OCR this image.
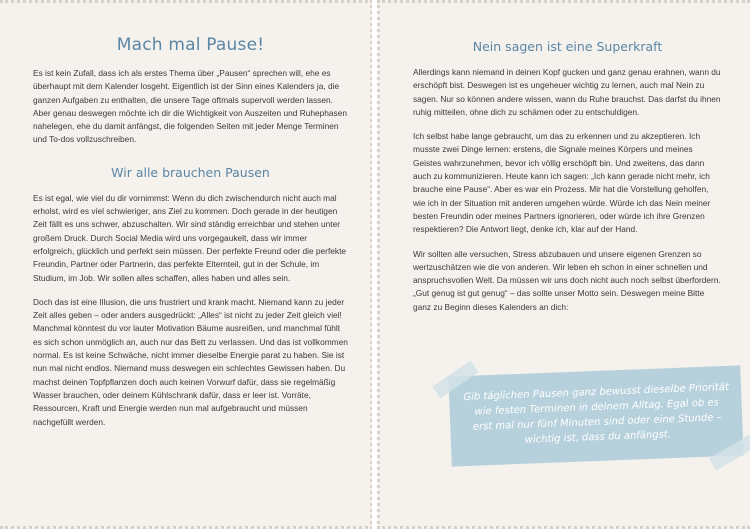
Mach mal Pause!

Es ist kein Zufall, dass ich als erstes Thema über „Pausen“ sprechen will, ehe es überhaupt mit dem Kalender losgeht. Eigentlich ist der Sinn eines Kalenders ja, die ganzen Aufgaben zu enthalten, die unsere Tage oftmals supervoll werden lassen. Aber genau deswegen möchte ich dir die Wichtigkeit von Auszeiten und Ruhephasen nahelegen, ehe du damit anfängst, die folgenden Seiten mit jeder Menge Terminen und To-dos vollzuschreiben.

Wir alle brauchen Pausen

Es ist egal, wie viel du dir vornimmst: Wenn du dich zwischendurch nicht auch mal erholst, wird es viel schwieriger, ans Ziel zu kommen. Doch gerade in der heutigen Zeit fällt es uns schwer, abzuschalten. Wir sind ständig erreichbar und stehen unter großem Druck. Durch Social Media wird uns vorgegaukelt, dass wir immer erfolgreich, glücklich und perfekt sein müssen. Der perfekte Freund oder die perfekte Freundin, Partner oder Partnerin, das perfekte Elternteil, gut in der Schule, im Studium, im Job. Wir sollen alles schaffen, alles haben und alles sein.

Doch das ist eine Illusion, die uns frustriert und krank macht. Niemand kann zu jeder Zeit alles geben – oder anders ausgedrückt: „Alles“ ist nicht zu jeder Zeit gleich viel! Manchmal könntest du vor lauter Motivation Bäume ausreißen, und manchmal fühlt es sich schon unmöglich an, auch nur das Bett zu verlassen. Und das ist vollkommen normal. Es ist keine Schwäche, nicht immer dieselbe Energie parat zu haben. Sie ist nun mal nicht endlos. Niemand muss deswegen ein schlechtes Gewissen haben. Du machst deinen Topfpflanzen doch auch keinen Vorwurf dafür, dass sie regelmäßig Wasser brauchen, oder deinem Kühlschrank dafür, dass er leer ist. Vorräte, Ressourcen, Kraft und Energie werden nun mal aufgebraucht und müssen nachgefüllt werden.

Nein sagen ist eine Superkraft

Allerdings kann niemand in deinen Kopf gucken und ganz genau erahnen, wann du erschöpft bist. Deswegen ist es ungeheuer wichtig zu lernen, auch mal Nein zu sagen. Nur so können andere wissen, wann du Ruhe brauchst. Das darfst du ihnen ruhig mitteilen, ohne dich zu schämen oder zu entschuldigen.

Ich selbst habe lange gebraucht, um das zu erkennen und zu akzeptieren. Ich musste zwei Dinge lernen: erstens, die Signale meines Körpers und meines Geistes wahrzunehmen, bevor ich völlig erschöpft bin. Und zweitens, das dann auch zu kommunizieren. Heute kann ich sagen: „Ich kann gerade nicht mehr, ich brauche eine Pause“. Aber es war ein Prozess. Mir hat die Vorstellung geholfen, wie ich in der Situation mit anderen umgehen würde. Würde ich das Nein meiner besten Freundin oder meines Partners ignorieren, oder würde ich ihre Grenzen respektieren? Die Antwort liegt, denke ich, klar auf der Hand.

Wir sollten alle versuchen, Stress abzubauen und unsere eigenen Grenzen so wertzuschätzen wie die von anderen. Wir leben eh schon in einer schnellen und anspruchsvollen Welt. Da müssen wir uns doch nicht auch noch selbst überfordern. „Gut genug ist gut genug“ – das sollte unser Motto sein. Deswegen meine Bitte ganz zu Beginn dieses Kalenders an dich:

Gib täglichen Pausen ganz bewusst dieselbe Priorität wie festen Terminen in deinem Alltag. Egal ob es erst mal nur fünf Minuten sind oder eine Stunde – wichtig ist, dass du anfängst.
